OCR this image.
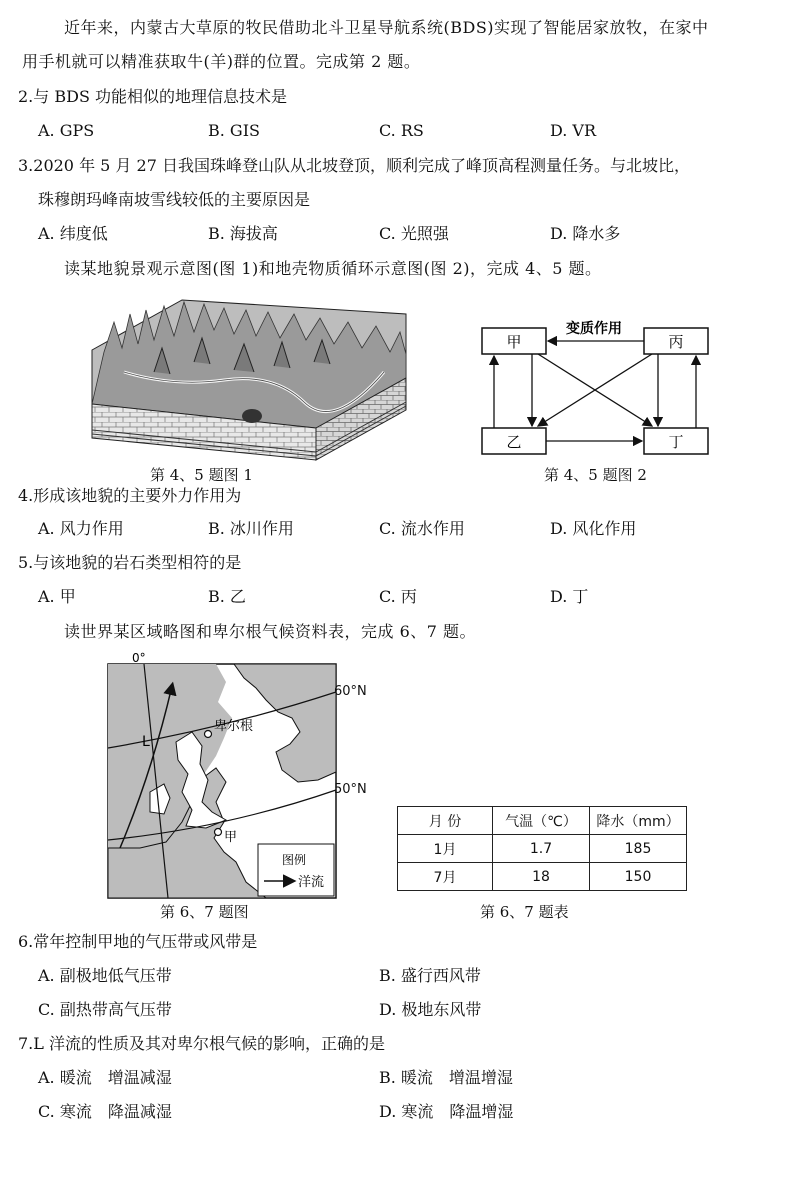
近年来，内蒙古大草原的牧民借助北斗卫星导航系统(BDS)实现了智能居家放牧，在家中
用手机就可以精准获取牛(羊)群的位置。完成第 2 题。
2.与 BDS 功能相似的地理信息技术是
A. GPS	B. GIS	C. RS	D. VR
3.2020 年 5 月 27 日我国珠峰登山队从北坡登顶，顺利完成了峰顶高程测量任务。与北坡比，
珠穆朗玛峰南坡雪线较低的主要原因是
A. 纬度低	B. 海拔高	C. 光照强	D. 降水多
读某地貌景观示意图(图 1)和地壳物质循环示意图(图 2)，完成 4、5 题。
第 4、5 题图 1
甲	丙
乙	丁
变质作用
第 4、5 题图 2
4.形成该地貌的主要外力作用为
A. 风力作用	B. 冰川作用	C. 流水作用	D. 风化作用
5.与该地貌的岩石类型相符的是
A. 甲	B. 乙	C. 丙	D. 丁
读世界某区域略图和卑尔根气候资料表，完成 6、7 题。
卑尔根
甲
L
0°
图例
洋流
60°N
50°N
第 6、7 题图
月 份	气温（℃）	降水（mm）
1月	1.7	185
7月	18	150
第 6、7 题表
6.常年控制甲地的气压带或风带是
A. 副极地低气压带	B. 盛行西风带
C. 副热带高气压带	D. 极地东风带
7.L 洋流的性质及其对卑尔根气候的影响，正确的是
A. 暖流　增温减湿	B. 暖流　增温增湿
C. 寒流　降温减湿	D. 寒流　降温增湿
